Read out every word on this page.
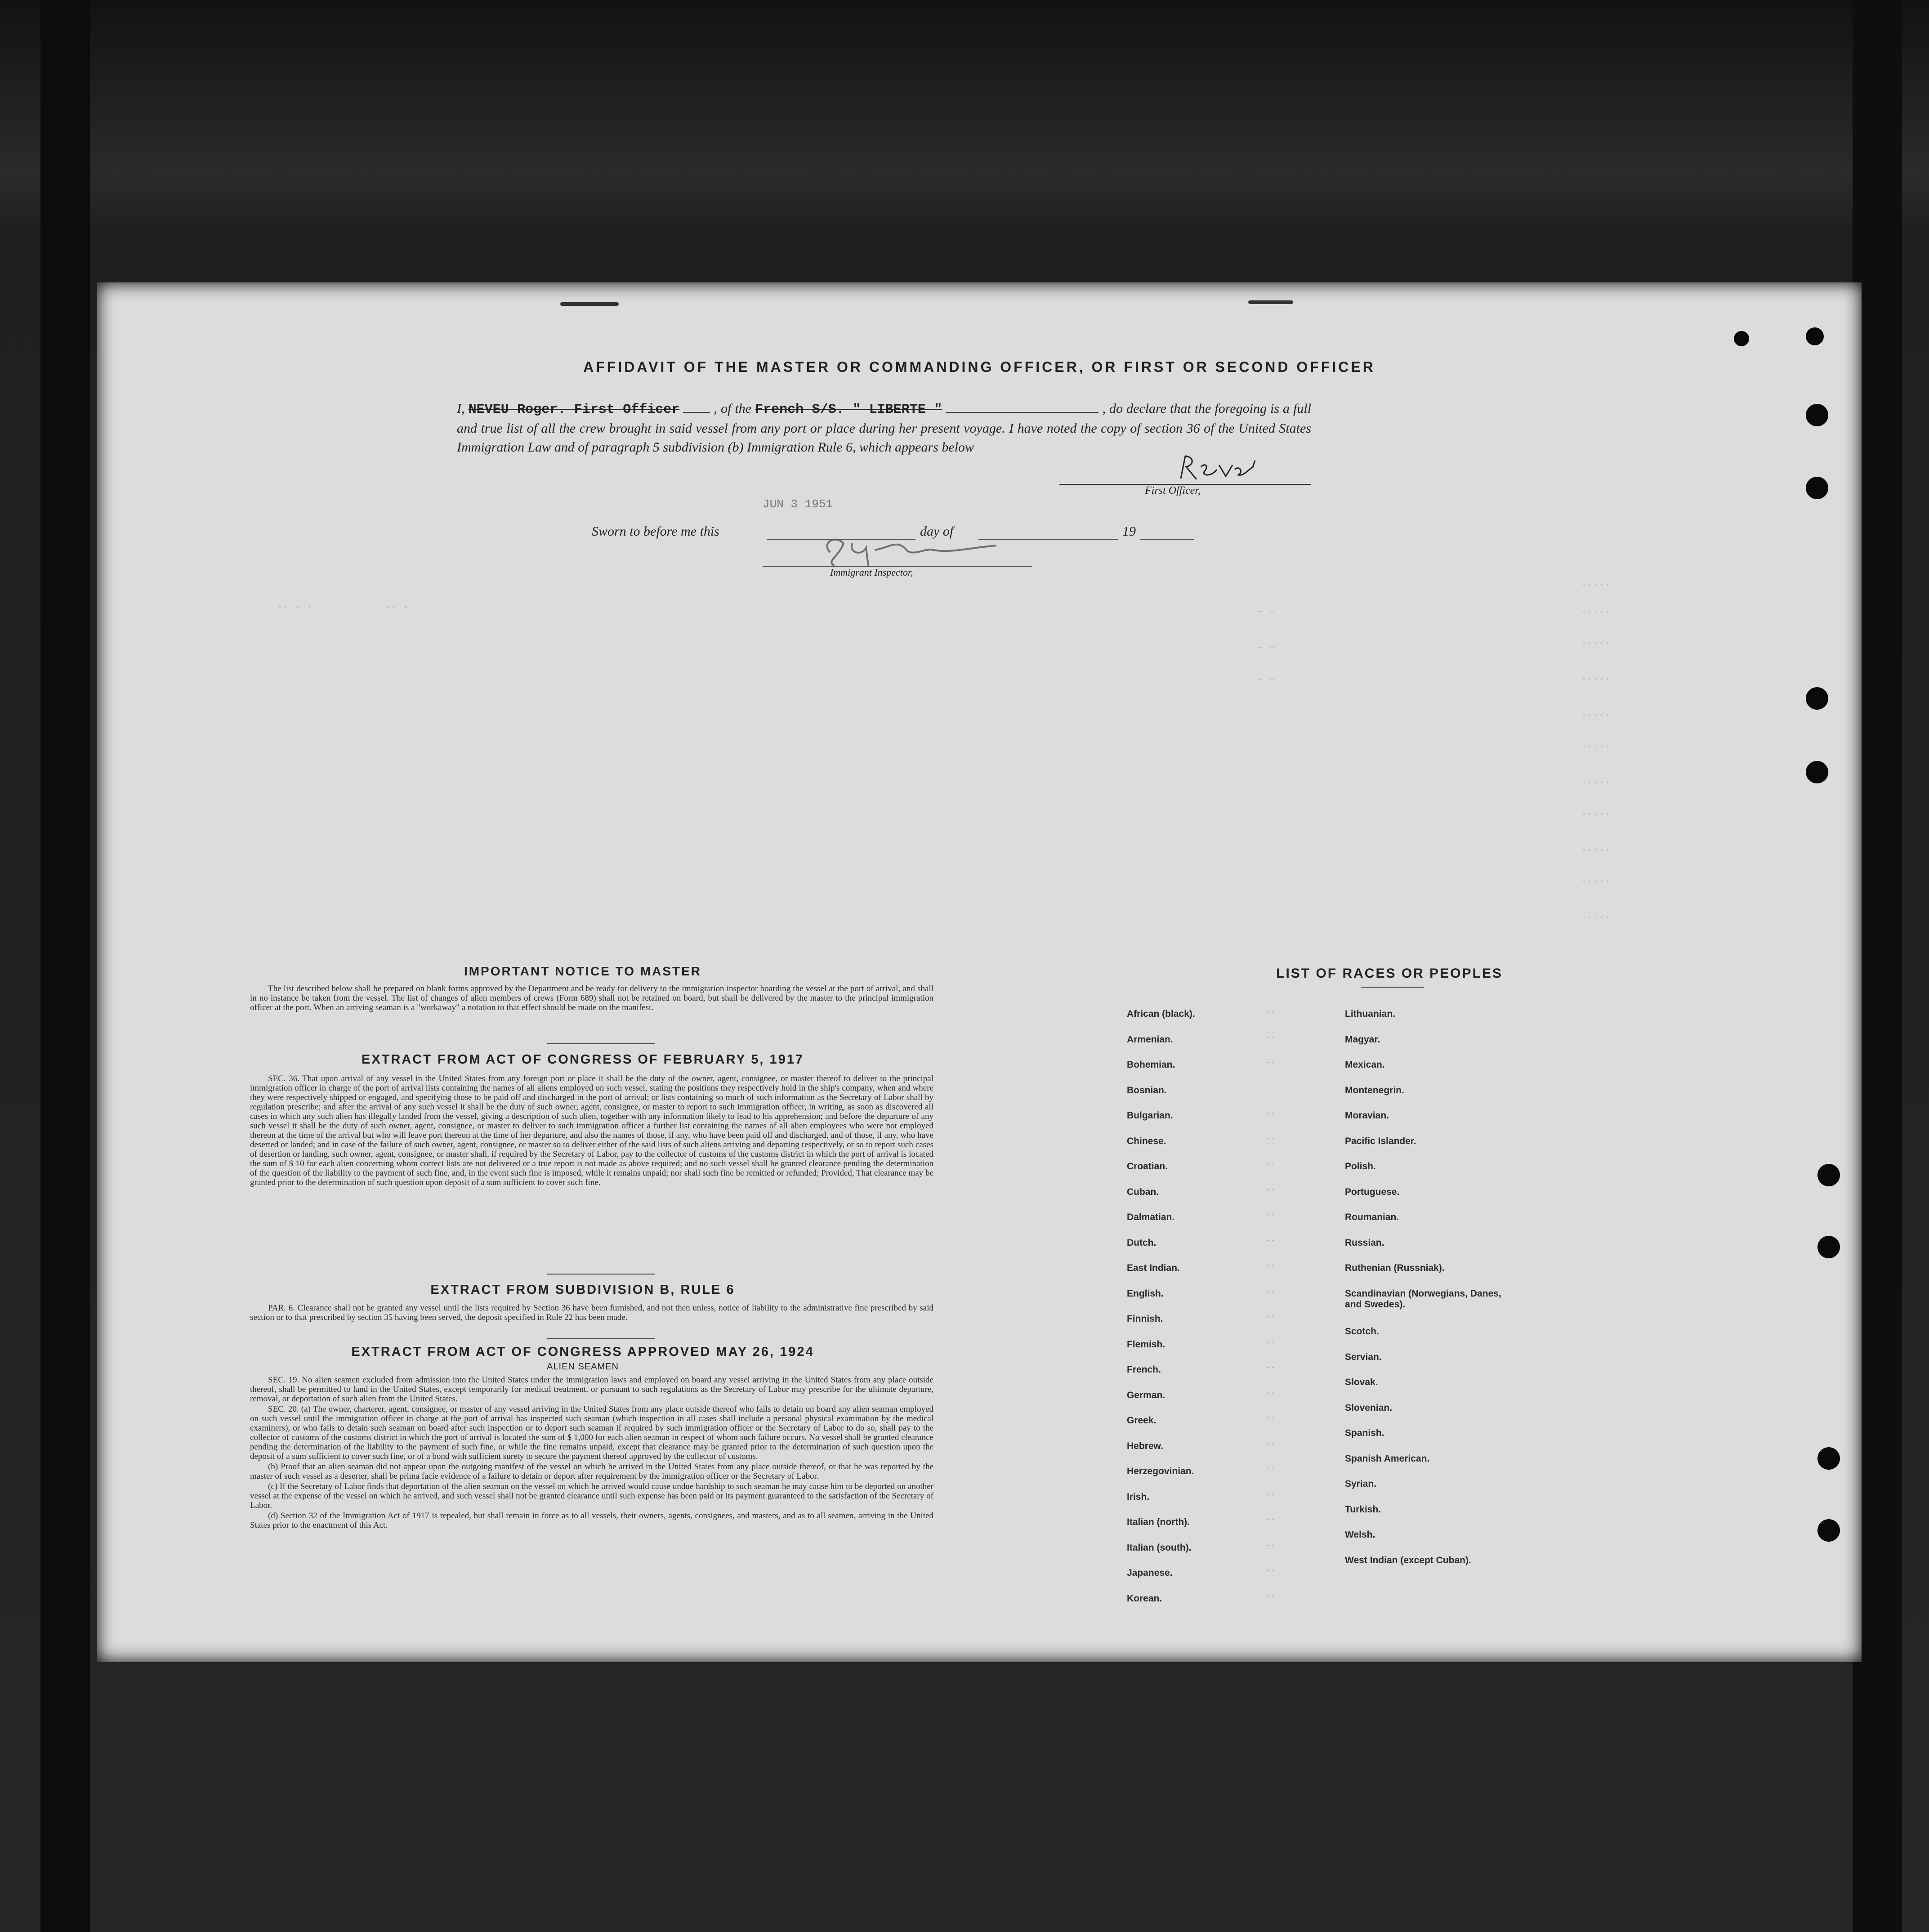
AFFIDAVIT OF THE MASTER OR COMMANDING OFFICER, OR FIRST OR SECOND OFFICER
I, NEVEU Roger. First Officer	, of the French S/S. " LIBERTE "	, do declare that the foregoing is a full and true list of all the crew brought in said vessel from any port or place during her present voyage. I have noted the copy of section 36 of the United States Immigration Law and of paragraph 5 subdivision (b) Immigration Rule 6, which appears below
First Officer,
JUN 3 1951
Sworn to before me this	day of	19
Immigrant Inspector,
·· · ·	·· ·
·····
·····
·····
·····
·····
·····
·····
·····
·····
·····
·····
– –
– –
– –
IMPORTANT NOTICE TO MASTER

The list described below shall be prepared on blank forms approved by the Department and be ready for delivery to the immigration inspector boarding the vessel at the port of arrival, and shall in no instance be taken from the vessel. The list of changes of alien members of crews (Form 689) shall not be retained on board, but shall be delivered by the master to the principal immigration officer at the port. When an arriving seaman is a "workaway" a notation to that effect should be made on the manifest.

EXTRACT FROM ACT OF CONGRESS OF FEBRUARY 5, 1917

SEC. 36. That upon arrival of any vessel in the United States from any foreign port or place it shall be the duty of the owner, agent, consignee, or master thereof to deliver to the principal immigration officer in charge of the port of arrival lists containing the names of all aliens employed on such vessel, stating the positions they respectively hold in the ship's company, when and where they were respectively shipped or engaged, and specifying those to be paid off and discharged in the port of arrival; or lists containing so much of such information as the Secretary of Labor shall by regulation prescribe; and after the arrival of any such vessel it shall be the duty of such owner, agent, consignee, or master to report to such immigration officer, in writing, as soon as discovered all cases in which any such alien has illegally landed from the vessel, giving a description of such alien, together with any information likely to lead to his apprehension; and before the departure of any such vessel it shall be the duty of such owner, agent, consignee, or master to deliver to such immigration officer a further list containing the names of all alien employees who were not employed thereon at the time of the arrival but who will leave port thereon at the time of her departure, and also the names of those, if any, who have been paid off and discharged, and of those, if any, who have deserted or landed; and in case of the failure of such owner, agent, consignee, or master so to deliver either of the said lists of such aliens arriving and departing respectively, or so to report such cases of desertion or landing, such owner, agent, consignee, or master shall, if required by the Secretary of Labor, pay to the collector of customs of the customs district in which the port of arrival is located the sum of $ 10 for each alien concerning whom correct lists are not delivered or a true report is not made as above required; and no such vessel shall be granted clearance pending the determination of the question of the liability to the payment of such fine, and, in the event such fine is imposed, while it remains unpaid; nor shall such fine be remitted or refunded; Provided, That clearance may be granted prior to the determination of such question upon deposit of a sum sufficient to cover such fine.

EXTRACT FROM SUBDIVISION B, RULE 6

PAR. 6. Clearance shall not be granted any vessel until the lists required by Section 36 have been furnished, and not then unless, notice of liability to the administrative fine prescribed by said section or to that prescribed by section 35 having been served, the deposit specified in Rule 22 has been made.

EXTRACT FROM ACT OF CONGRESS APPROVED MAY 26, 1924
ALIEN SEAMEN

SEC. 19. No alien seamen excluded from admission into the United States under the immigration laws and employed on board any vessel arriving in the United States from any place outside thereof, shall be permitted to land in the United States, except temporarily for medical treatment, or pursuant to such regulations as the Secretary of Labor may prescribe for the ultimate departure, removal, or deportation of such alien from the United States.

SEC. 20. (a) The owner, charterer, agent, consignee, or master of any vessel arriving in the United States from any place outside thereof who fails to detain on board any alien seaman employed on such vessel until the immigration officer in charge at the port of arrival has inspected such seaman (which inspection in all cases shall include a personal physical examination by the medical examiners), or who fails to detain such seaman on board after such inspection or to deport such seaman if required by such immigration officer or the Secretary of Labor to do so, shall pay to the collector of customs of the customs district in which the port of arrival is located the sum of $ 1,000 for each alien seaman in respect of whom such failure occurs. No vessel shall be granted clearance pending the determination of the liability to the payment of such fine, or while the fine remains unpaid, except that clearance may be granted prior to the determination of such question upon the deposit of a sum sufficient to cover such fine, or of a bond with sufficient surety to secure the payment thereof approved by the collector of customs.

(b) Proof that an alien seaman did not appear upon the outgoing manifest of the vessel on which he arrived in the United States from any place outside thereof, or that he was reported by the master of such vessel as a deserter, shall be prima facie evidence of a failure to detain or deport after requirement by the immigration officer or the Secretary of Labor.

(c) If the Secretary of Labor finds that deportation of the alien seaman on the vessel on which he arrived would cause undue hardship to such seaman he may cause him to be deported on another vessel at the expense of the vessel on which he arrived, and such vessel shall not be granted clearance until such expense has been paid or its payment guaranteed to the satisfaction of the Secretary of Labor.

(d) Section 32 of the Immigration Act of 1917 is repealed, but shall remain in force as to all vessels, their owners, agents, consignees, and masters, and as to all seamen, arriving in the United States prior to the enactment of this Act.

LIST OF RACES OR PEOPLES
African (black).	· ·
Armenian.	· ·
Bohemian.	· ·
Bosnian.	· ·
Bulgarian.	· ·
Chinese.	· ·
Croatian.	· ·
Cuban.	· ·
Dalmatian.	· ·
Dutch.	· ·
East Indian.	· ·
English.	· ·
Finnish.	· ·
Flemish.	· ·
French.	· ·
German.	· ·
Greek.	· ·
Hebrew.	· ·
Herzegovinian.	· ·
Irish.	· ·
Italian (north).	· ·
Italian (south).	· ·
Japanese.	· ·
Korean.	· ·
Lithuanian.
Magyar.
Mexican.
Montenegrin.
Moravian.
Pacific Islander.
Polish.
Portuguese.
Roumanian.
Russian.
Ruthenian (Russniak).
Scandinavian (Norwegians, Danes, and Swedes).
Scotch.
Servian.
Slovak.
Slovenian.
Spanish.
Spanish American.
Syrian.
Turkish.
Welsh.
West Indian (except Cuban).
